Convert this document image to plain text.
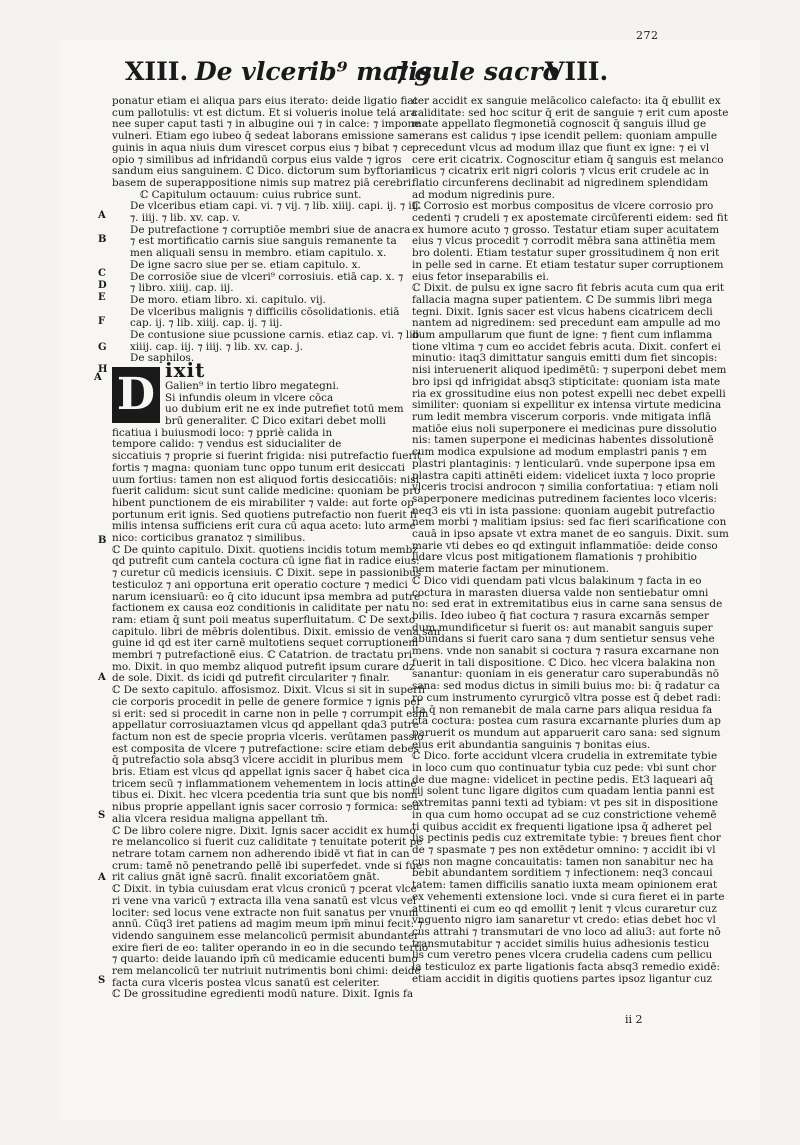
272
XIII. De vlcerib⁹ malis
⁊ gule sacro
VIII.
ponatur etiam ei aliqua pars eius iterato: deide ligatio fiat
cum pallotulis: vt est dictum. Et si volueris inolue telá ara
nee super caput tasti ⁊ in albugine oui ⁊ in calce: ⁊ impone
vulneri. Etiam ego iubeo q̄ sedeat laborans emissione san
guinis in aqua niuis dum virescet corpus eius ⁊ bibat ⁊ ce
opio ⁊ similibus ad infridandū corpus eius valde ⁊ igros
sandum eius sanguinem. ℂ Dico. dictorum sum byftoriam
basem de superappositione nimis sup matrez piā cerebri.
ℂ Capitulum octauum: cuius rubrice sunt.
De vlceribus etiam capi. vi. ⁊ vij. ⁊ lib. xiiij. capi. ij. ⁊ iij.
⁊. iiij. ⁊ lib. xv. cap. v.
De putrefactione ⁊ corruptiōe membri siue de anacra
⁊ est mortificatio carnis siue sanguis remanente ta
men aliquali sensu in membro. etiam capitulo. x.
De igne sacro siue per se. etiam capitulo. x.
De corrosiōe siue de vlceri⁹ corrosiuis. etiā cap. x. ⁊
⁊ libro. xiiij. cap. iij.
De moro. etiam libro. xi. capitulo. vij.
De vlceribus malignis ⁊ difficilis cōsolidationis. etiā
cap. ij. ⁊ lib. xiiij. cap. ij. ⁊ iij.
De contusione siue pcussione carnis. etiaz cap. vi. ⁊ lib.
xiiij. cap. iij. ⁊ iiij. ⁊ lib. xv. cap. j.
De saphilos.
D ixit Galien⁹ in tertio libro megategni.
Si infundis oleum in vlcere cōca
uo dubium erit ne ex inde putrefiet totū mem
brū generaliter. ℂ Dico exitari debet molli
ficatiua i buiusmodi loco: ⁊ ppriè calida in
tempore calido: ⁊ vendus est siducialiter de
siccatiuis ⁊ proprie si fuerint frigida: nisi putrefactio fuerit
fortis ⁊ magna: quoniam tunc oppo tunum erit desiccati
uum fortius: tamen non est aliquod fortis desiccatiōis: nisi
fuerit calidum: sicut sunt calide medicine: quoniam be pro
hibent punctionem de eis mirabiliter ⁊ valde: aut forte op
portunum erit ignis. Sed quotiens putrefactio non fuerit fi
milis intensa sufficiens erit cura cū aqua aceto: luto arme
nico: corticibus granatoz ⁊ similibus.
ℂ De quinto capitulo. Dixit. quotiens incidis totum membz
qd putrefit cum cantela coctura cū igne fiat in radice eius:
⁊ curetur cū medicis icensiuis. ℂ Dixit. sepe in passionibus
testiculoz ⁊ ani opportuna erit operatio cocture ⁊ medici
narum icensiuarū: eo q̄ cito iducunt ipsa membra ad putre
factionem ex causa eoz conditionis in caliditate per natu
ram: etiam q̄ sunt poii meatus superfluitatum. ℂ De sexto
capitulo. libri de mēbris dolentibus. Dixit. emissio de vena san
guine id qd est iter carnē multotiens sequet corruptionem
membri ⁊ putrefactionē eius. ℂ Catatrion. de tractatu pri
mo. Dixit. in quo membz aliquod putrefit ipsum curare dz
de sole. Dixit. ds icidi qd putrefit circulariter ⁊ finalr.
ℂ De sexto capitulo. affosismoz. Dixit. Vlcus si sit in superfi
cie corporis procedit in pelle de genere formice ⁊ ignis per
si erit: sed si procedit in carne non in pelle ⁊ corrumpit eam
appellatur corrosiuaztamen vlcus qd appellant qda3 putre
factum non est de specie propria vlceris. verūtamen passio
est composita de vlcere ⁊ putrefactione: scire etiam debes
q̄ putrefactio sola absq3 vlcere accidit in pluribus mem
bris. Etiam est vlcus qd appellat ignis sacer q̄ habet cica
tricem secū ⁊ inflammationem vehementem in locis attine
tibus ei. Dixit. hec vlcera pcedentia tria sunt que bis nomi
nibus proprie appellant ignis sacer corrosio ⁊ formica: sed
alia vlcera residua maligna appellant tm̄.
ℂ De libro colere nigre. Dixit. Ignis sacer accidit ex humo
re melancolico si fuerit cuz caliditate ⁊ tenuitate poterit pe
netrare totam carnem non adherendo ibidē vt fiat in can
crum: tamē nō penetrando pellē ibi superfedet. vnde si fue
rit calius gnāt ignē sacrū. finalit excoriatōem gnāt.
ℂ Dixit. in tybia cuiusdam erat vlcus cronicū ⁊ pcerat vlce
ri vene vna varicū ⁊ extracta illa vena sanatū est vlcus vel
lociter: sed locus vene extracte non fuit sanatus per vnum
annū. Cūq3 iret patiens ad magim meum ipm̄ minui fecit: ⁊
videndo sanguinem esse melancolicū permisit abundanter
exire fieri de eo: taliter operando in eo in die secundo tertio
⁊ quarto: deide lauando ipm̄ cū medicamie educenti bumo
rem melancolicū ter nutriuit nutrimentis boni chimi: deide
facta cura vlceris postea vlcus sanatū est celeriter.
ℂ De grossitudine egredienti modū nature. Dixit. Ignis fa
cer accidit ex sanguie melācolico calefacto: ita q̄ ebullit ex
caliditate: sed hoc scitur q̄ erit de sanguie ⁊ erit cum aposte
mate appellato flegmonetiā cognoscit q̄ sanguis illud ge
nerans est calidus ⁊ ipse icendit pellem: quoniam ampulle
precedunt vlcus ad modum illaz que fiunt ex igne: ⁊ ei vl
cere erit cicatrix. Cognoscitur etiam q̄ sanguis est melanco
licus ⁊ cicatrix erit nigri coloris ⁊ vlcus erit crudele ac in
flatio circunferens declinabit ad nigredinem splendidam
ad modum nigredinis pure.
ℂ Corrosio est morbus compositus de vlcere corrosio pro
cedenti ⁊ crudeli ⁊ ex apostemate circūferenti eidem: sed fit
ex humore acuto ⁊ grosso. Testatur etiam super acuitatem
eius ⁊ vlcus procedit ⁊ corrodit mēbra sana attinētia mem
bro dolenti. Etiam testatur super grossitudinem q̄ non erit
in pelle sed in carne. Et etiam testatur super corruptionem
eius fetor inseparabilis ei.
ℂ Dixit. de pulsu ex igne sacro fit febris acuta cum qua erit
fallacia magna super patientem. ℂ De summis libri mega
tegni. Dixit. Ignis sacer est vlcus habens cicatricem decli
nantem ad nigredinem: sed precedunt eam ampulle ad mo
dum ampullarum que fiunt de igne: ⁊ fient cum inflamma
tione vltima ⁊ cum eo accidet febris acuta. Dixit. confert ei
minutio: itaq3 dimittatur sanguis emitti dum fiet sincopis:
nisi interuenerit aliquod ipedimētū: ⁊ superponi debet mem
bro ipsi qd infrigidat absq3 stipticitate: quoniam ista mate
ria ex grossitudine eius non potest expelli nec debet expelli
similiter: quoniam si expellitur ex intensa virtute medicina
rum ledit membra viscerum corporis. vnde mitigata inflā
matiōe eius noli superponere ei medicinas pure dissolutio
nis: tamen superpone ei medicinas habentes dissolutionē
cum modica expulsione ad modum emplastri panis ⁊ em
plastri plantaginis: ⁊ lenticularū. vnde superpone ipsa em
plastra capiti attinēti eidem: videlicet iuxta ⁊ loco proprie
vlceris trocisi androcon ⁊ similia confortatiua: ⁊ etiam noli
saperponere medicinas putredinem facientes loco vlceris:
neq3 eis vti in ista passione: quoniam augebit putrefactio
nem morbi ⁊ malitiam ipsius: sed fac fieri scarificatione con
cauā in ipso apsate vt extra manet de eo sanguis. Dixit. sum
marie vti debes eo qd extinguit inflammatiōe: deide conso
lidare vlcus post mitigationem flamationis ⁊ prohibitio
nem materie factam per minutionem.
ℂ Dico vidi quendam pati vlcus balakinum ⁊ facta in eo
coctura in marasten diuersa valde non sentiebatur omni
no: sed erat in extremitatibus eius in carne sana sensus de
bilis. Ideo iubeo q̄ fiat coctura ⁊ rasura excarnās semper
dum mundificetur si fuerit os: aut manabit sanguis super
abundans si fuerit caro sana ⁊ dum sentietur sensus vehe
mens. vnde non sanabit si coctura ⁊ rasura excarnane non
fuerit in tali dispositione. ℂ Dico. hec vlcera balakina non
sanantur: quoniam in eis generatur caro superabundās nō
sana: sed modus dictus in simili buius mo: bi: q̄ radatur ca
ro cum instrumento cyrurgicō vltra posse est q̄ debet radi:
ita q̄ non remanebit de mala carne pars aliqua residua fa
cta coctura: postea cum rasura excarnante pluries dum ap
paruerit os mundum aut apparuerit caro sana: sed signum
eius erit abundantia sanguinis ⁊ bonitas eius.
ℂ Dico. forte accidunt vlcera crudelia in extremitate tybie
in loco cum quo continuatur tybia cuz pede: vbi sunt chor
de due magne: videlicet in pectine pedis. Et3 laqueari aq̄
rij solent tunc ligare digitos cum quadam lentia panni est
extremitas panni texti ad tybiam: vt pes sit in dispositione
in qua cum homo occupat ad se cuz constrictione vehemē
ti quibus accidit ex frequenti ligatione ipsa q̄ adheret pel
lis pectinis pedis cuz extremitate tybie: ⁊ breues fient chor
de ⁊ spasmate ⁊ pes non extēdetur omnino: ⁊ accidit ibi vl
cus non magne concauitatis: tamen non sanabitur nec ha
bebit abundantem sorditiem ⁊ infectionem: neq3 concaui
tatem: tamen difficilis sanatio iuxta meam opinionem erat
ex vehementi extensione loci. vnde si cura fieret ei in parte
attinenti ei cum eo qd emollit ⁊ lenit ⁊ vlcus curaretur cuz
vnguento nigro iam sanaretur vt credo: etias debet hoc vl
cus attrahi ⁊ transmutari de vno loco ad aliu3: aut forte nō
transmutabitur ⁊ accidet similis huius adhesionis testicu
lis cum veretro penes vlcera crudelia cadens cum pellicu
la testiculoz ex parte ligationis facta absq3 remedio exidē:
etiam accidit in digitis quotiens partes ipsoz ligantur cuz
ii 2
A
B
C
D
E
F
G
H
A
B
A
S
A
S
